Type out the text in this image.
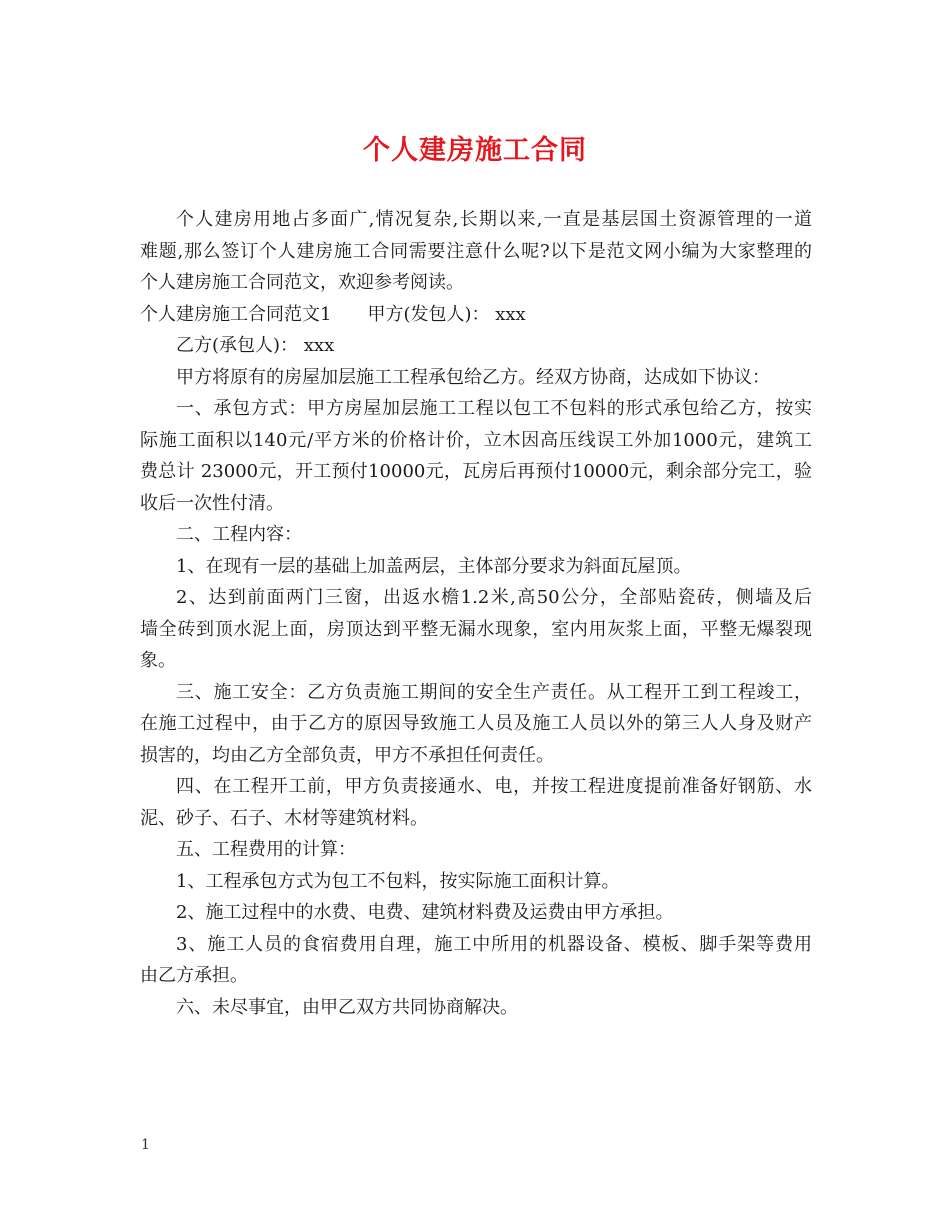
个人建房施工合同
个人建房用地占多面广,情况复杂,长期以来,一直是基层国土资源管理的一道
难题,那么签订个人建房施工合同需要注意什么呢?以下是范文网小编为大家整理的
个人建房施工合同范文，欢迎参考阅读。
个人建房施工合同范文1　　甲方(发包人)： xxx
乙方(承包人)： xxx
甲方将原有的房屋加层施工工程承包给乙方。经双方协商，达成如下协议：
一、承包方式：甲方房屋加层施工工程以包工不包料的形式承包给乙方，按实
际施工面积以140元/平方米的价格计价，立木因高压线误工外加1000元，建筑工
费总计 23000元，开工预付10000元，瓦房后再预付10000元，剩余部分完工，验
收后一次性付清。
二、工程内容：
1、在现有一层的基础上加盖两层，主体部分要求为斜面瓦屋顶。
2、达到前面两门三窗，出返水檐1.2米,高50公分，全部贴瓷砖，侧墙及后
墙全砖到顶水泥上面，房顶达到平整无漏水现象，室内用灰浆上面，平整无爆裂现
象。
三、施工安全：乙方负责施工期间的安全生产责任。从工程开工到工程竣工，
在施工过程中，由于乙方的原因导致施工人员及施工人员以外的第三人人身及财产
损害的，均由乙方全部负责，甲方不承担任何责任。
四、在工程开工前，甲方负责接通水、电，并按工程进度提前准备好钢筋、水
泥、砂子、石子、木材等建筑材料。
五、工程费用的计算：
1、工程承包方式为包工不包料，按实际施工面积计算。
2、施工过程中的水费、电费、建筑材料费及运费由甲方承担。
3、施工人员的食宿费用自理，施工中所用的机器设备、模板、脚手架等费用
由乙方承担。
六、未尽事宜，由甲乙双方共同协商解决。
1
